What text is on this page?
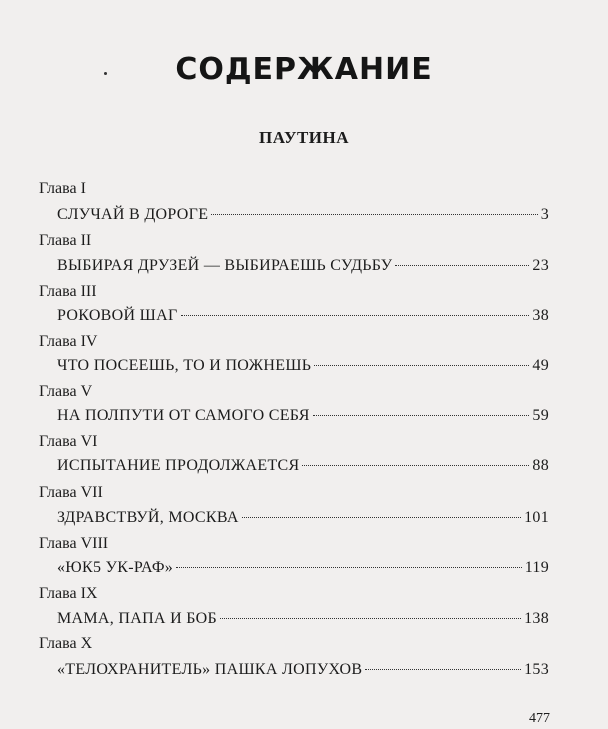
СОДЕРЖАНИЕ
ПАУТИНА
Глава I
СЛУЧАЙ В ДОРОГЕ	3
Глава II
ВЫБИРАЯ ДРУЗЕЙ — ВЫБИРАЕШЬ СУДЬБУ	23
Глава III
РОКОВОЙ ШАГ	38
Глава IV
ЧТО ПОСЕЕШЬ, ТО И ПОЖНЕШЬ	49
Глава V
НА ПОЛПУТИ ОТ САМОГО СЕБЯ	59
Глава VI
ИСПЫТАНИЕ ПРОДОЛЖАЕТСЯ	88
Глава VII
ЗДРАВСТВУЙ, МОСКВА	101
Глава VIII
«ЮК5 УК-РАФ»	119
Глава IX
МАМА, ПАПА И БОБ	138
Глава X
«ТЕЛОХРАНИТЕЛЬ» ПАШКА ЛОПУХОВ	153
477
